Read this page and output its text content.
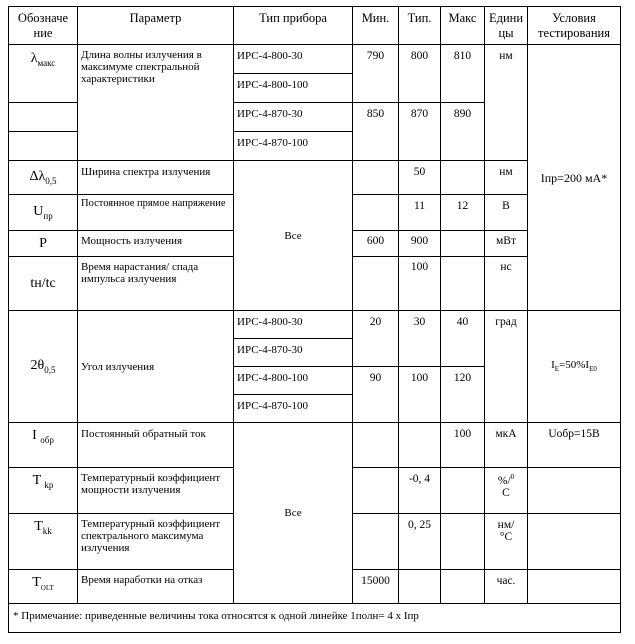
Обозначе ние	Параметр	Тип прибора	Мин.	Тип.	Макс	Едини цы	Условия тестирования	
$\lambda_{макс}$	Длина волны излучения в максимуме спектральной характеристики	ИРС-4-800-30	790	800	810	нм	Iпр=200 мА*	
		ИРС-4-800-100						
		ИРС-4-870-30	850	870	890			
		ИРС-4-870-100						
$\Delta\lambda_{0,5}$	Ширина спектра излучения	Все		50		нм		
$U_{пр}$	Постоянное прямое напряжение			11	12	В		
P	Мощность излучения		600	900		мВт		
tн/tс	Время нарастания/ спада импульса излучения			100		нс	
$2\theta_{0,5}$	Угол излучения	ИРС-4-800-30	20	30	40	град	$I_E=50\%I_{E0}$
		ИРС-4-870-30						
		ИРС-4-800-100	90	100	120			
		ИРС-4-870-100						
I $_{обр}$	Постоянный обратный ток	Все			100	мкА	Uобр=15В	
T $_{kp}$	Температурный коэффициент мощности излучения			-0, 4		%/$^0$
С		
$T_{kk}$	Температурный коэффициент спектрального максимума излучения			0, 25		нм/
°С		
$T_{OLT}$	Время наработки на отказ		15000			час.		
* Примечание: приведенные величины тока относятся к одной линейке 1полн= 4 х Iпр								
